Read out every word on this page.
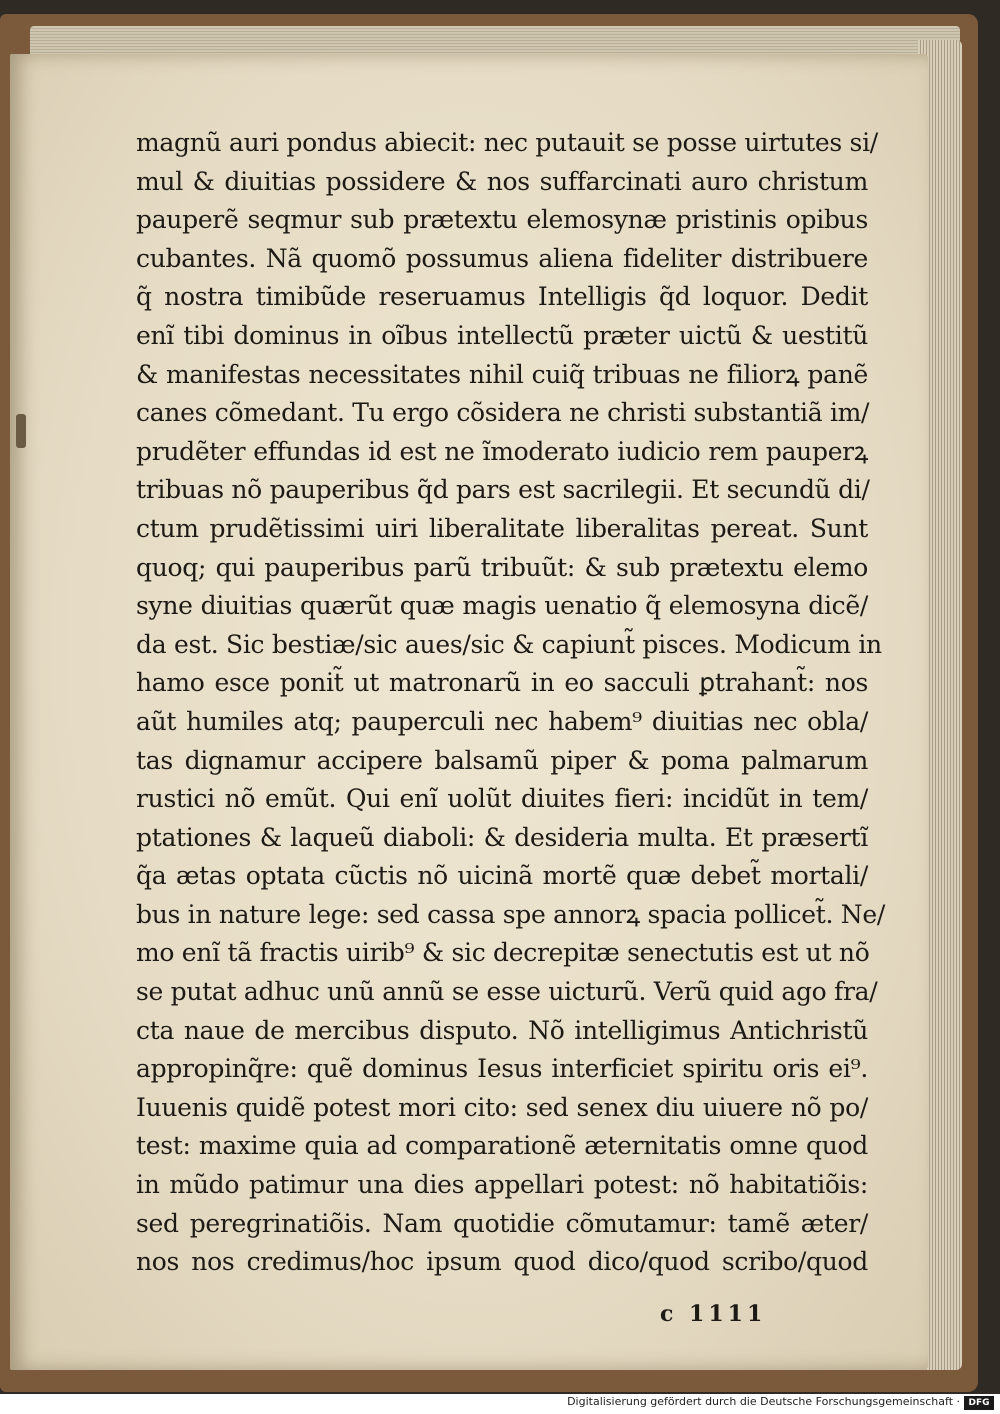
magnũ auri pondus abiecit: nec putauit se posse uirtutes si/
mul & diuitias possidere & nos suffarcinati auro christum
pauperẽ seqmur sub prætextu elemosynæ pristinis opibus
cubantes. Nã quomõ possumus aliena fideliter distribuere
q̃ nostra timibũde reseruamus Intelligis q̃d loquor. Dedit
enĩ tibi dominus in oĩbus intellectũ præter uictũ & uestitũ
& manifestas necessitates nihil cuiq̃ tribuas ne filiorꝝ panẽ
canes cõmedant. Tu ergo cõsidera ne christi substantiã im/
prudẽter effundas id est ne ĩmoderato iudicio rem pauperꝝ
tribuas nõ pauperibus q̃d pars est sacrilegii. Et secundũ di/
ctum prudẽtissimi uiri liberalitate liberalitas pereat. Sunt
quoq; qui pauperibus parũ tribuũt: & sub prætextu elemo
syne diuitias quærũt quæ magis uenatio q̃ elemosyna dicẽ/
da est. Sic bestiæ/sic aues/sic & capiunt̃ pisces. Modicum in
hamo esce ponit̃ ut matronarũ in eo sacculi ꝑtrahant̃: nos
aũt humiles atq; pauperculi nec habem⁹ diuitias nec obla/
tas dignamur accipere balsamũ piper & poma palmarum
rustici nõ emũt. Qui enĩ uolũt diuites fieri: incidũt in tem/
ptationes & laqueũ diaboli: & desideria multa. Et præsertĩ
q̃a ætas optata cũctis nõ uicinã mortẽ quæ debet̃ mortali/
bus in nature lege: sed cassa spe annorꝝ spacia pollicet̃. Ne/
mo enĩ tã fractis uirib⁹ & sic decrepitæ senectutis est ut nõ
se putat adhuc unũ annũ se esse uicturũ. Verũ quid ago fra/
cta naue de mercibus disputo. Nõ intelligimus Antichristũ
appropinq̃re: quẽ dominus Iesus interficiet spiritu oris ei⁹.
Iuuenis quidẽ potest mori cito: sed senex diu uiuere nõ po/
test: maxime quia ad comparationẽ æternitatis omne quod
in mũdo patimur una dies appellari potest: nõ habitatiõis:
sed peregrinatiõis. Nam quotidie cõmutamur: tamẽ æter/
nos nos credimus/hoc ipsum quod dico/quod scribo/quod
c 1111
Digitalisierung gefördert durch die Deutsche Forschungsgemeinschaft · DFG
